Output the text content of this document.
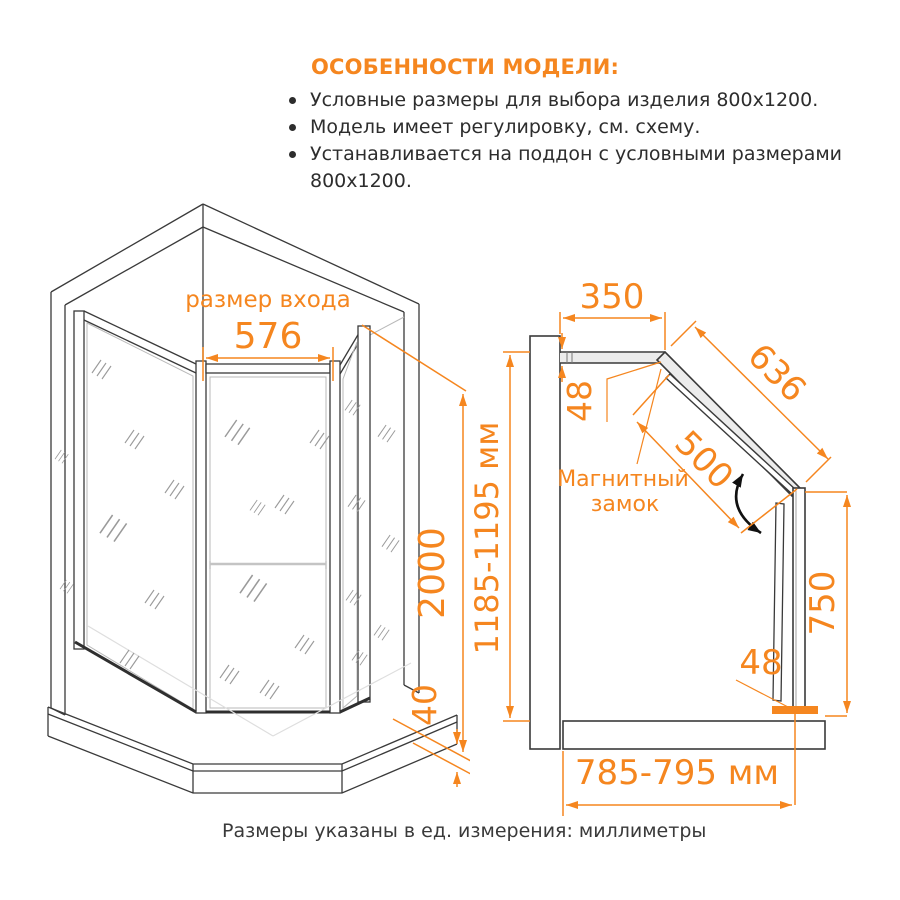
ОСОБЕННОСТИ МОДЕЛИ:
Условные размеры для выбора изделия 800x1200.
Модель имеет регулировку, см. схему.
Устанавливается на поддон с условными размерами 800x1200.
размер входа
576
2000
40
350
1185-1195 мм
48	636
500
Магнитный
замок
750
48
785-795 мм
Размеры указаны в ед. измерения: миллиметры
